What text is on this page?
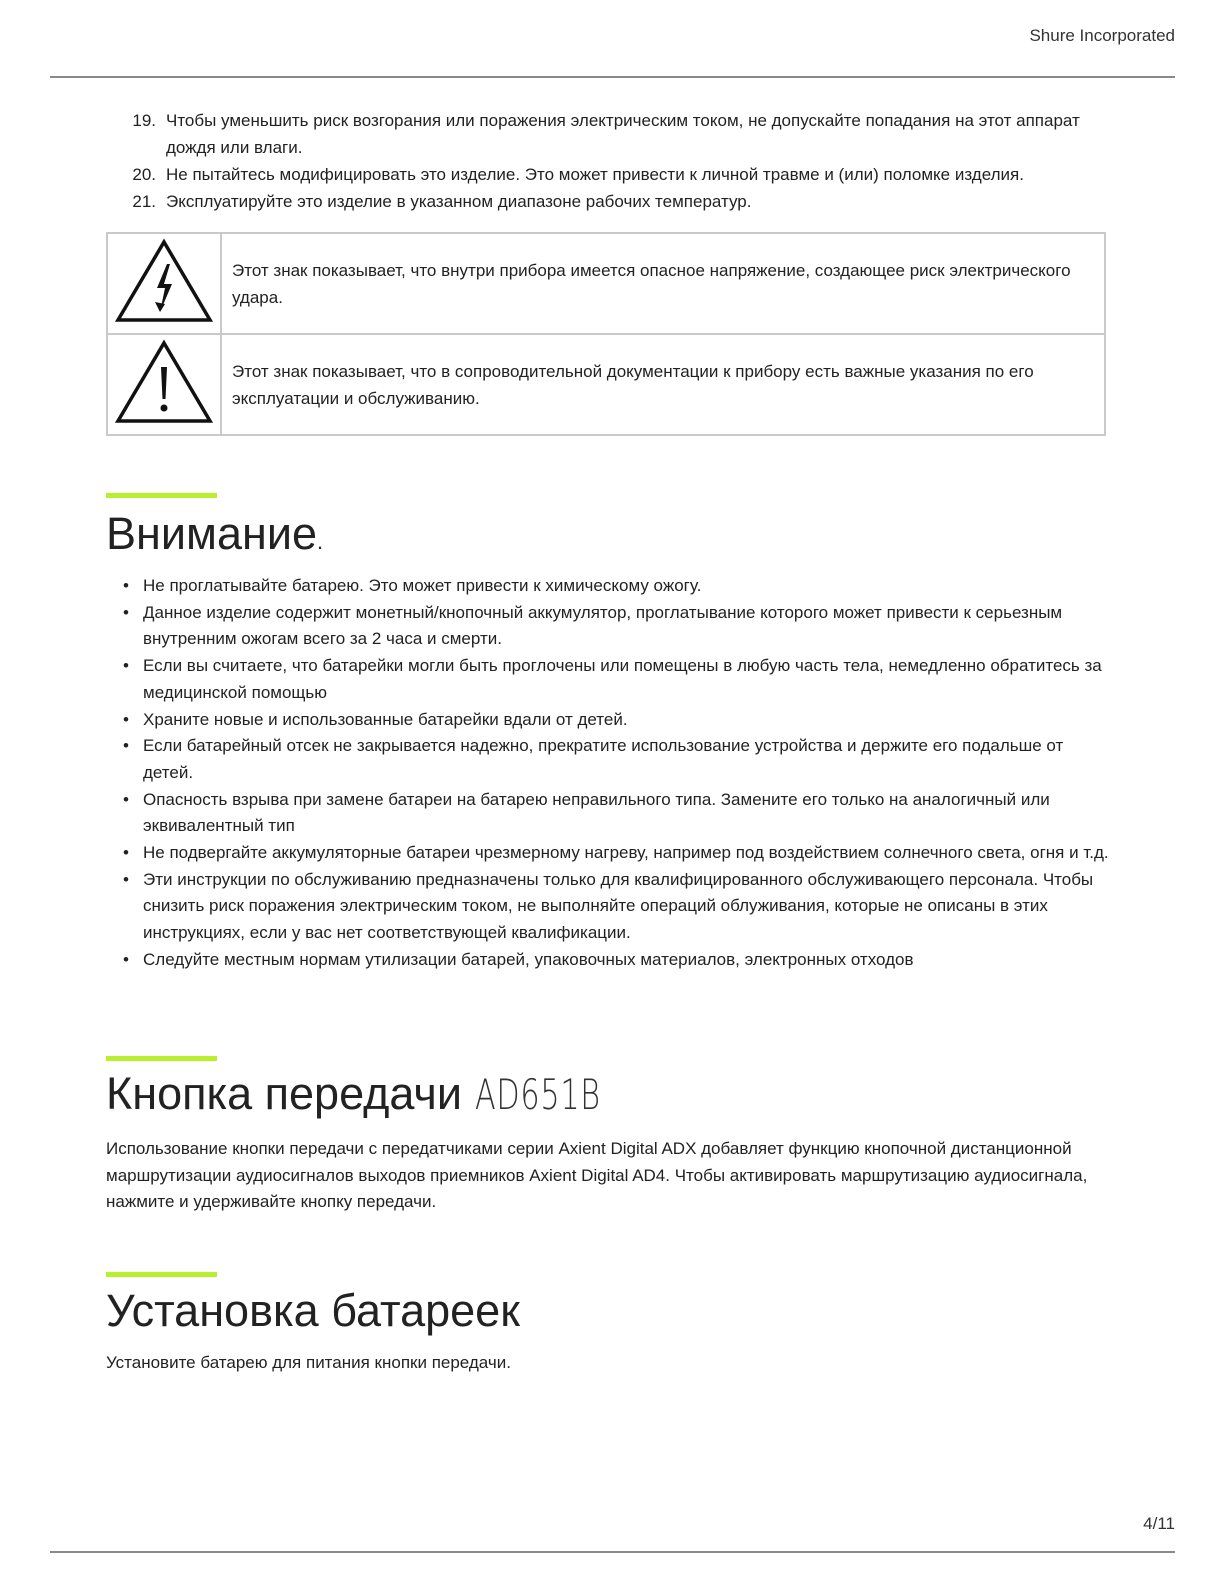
Shure Incorporated
19. Чтобы уменьшить риск возгорания или поражения электрическим током, не допускайте попадания на этот аппарат дождя или влаги.
20. Не пытайтесь модифицировать это изделие. Это может привести к личной травме и (или) поломке изделия.
21. Эксплуатируйте это изделие в указанном диапазоне рабочих температур.
	Этот знак показывает, что внутри прибора имеется опасное напряжение, создающее риск электрического удара.
	Этот знак показывает, что в сопроводительной документации к прибору есть важные указания по его эксплуатации и обслуживанию.
Внимание.
• Не проглатывайте батарею. Это может привести к химическому ожогу.
• Данное изделие содержит монетный/кнопочный аккумулятор, проглатывание которого может привести к серьезным внутренним ожогам всего за 2 часа и смерти.
• Если вы считаете, что батарейки могли быть проглочены или помещены в любую часть тела, немедленно обратитесь за медицинской помощью
• Храните новые и использованные батарейки вдали от детей.
• Если батарейный отсек не закрывается надежно, прекратите использование устройства и держите его подальше от детей.
• Опасность взрыва при замене батареи на батарею неправильного типа. Замените его только на аналогичный или эквивалентный тип
• Не подвергайте аккумуляторные батареи чрезмерному нагреву, например под воздействием солнечного света, огня и т.д.
• Эти инструкции по обслуживанию предназначены только для квалифицированного обслуживающего персонала. Чтобы снизить риск поражения электрическим током, не выполняйте операций облуживания, которые не описаны в этих инструкциях, если у вас нет соответствующей квалификации.
• Следуйте местным нормам утилизации батарей, упаковочных материалов, электронных отходов
Кнопка передачи AD651B

Использование кнопки передачи с передатчиками серии Axient Digital ADX добавляет функцию кнопочной дистанционной маршрутизации аудиосигналов выходов приемников Axient Digital AD4. Чтобы активировать маршрутизацию аудиосигнала, нажмите и удерживайте кнопку передачи.

Установка батареек

Установите батарею для питания кнопки передачи.

4/11
